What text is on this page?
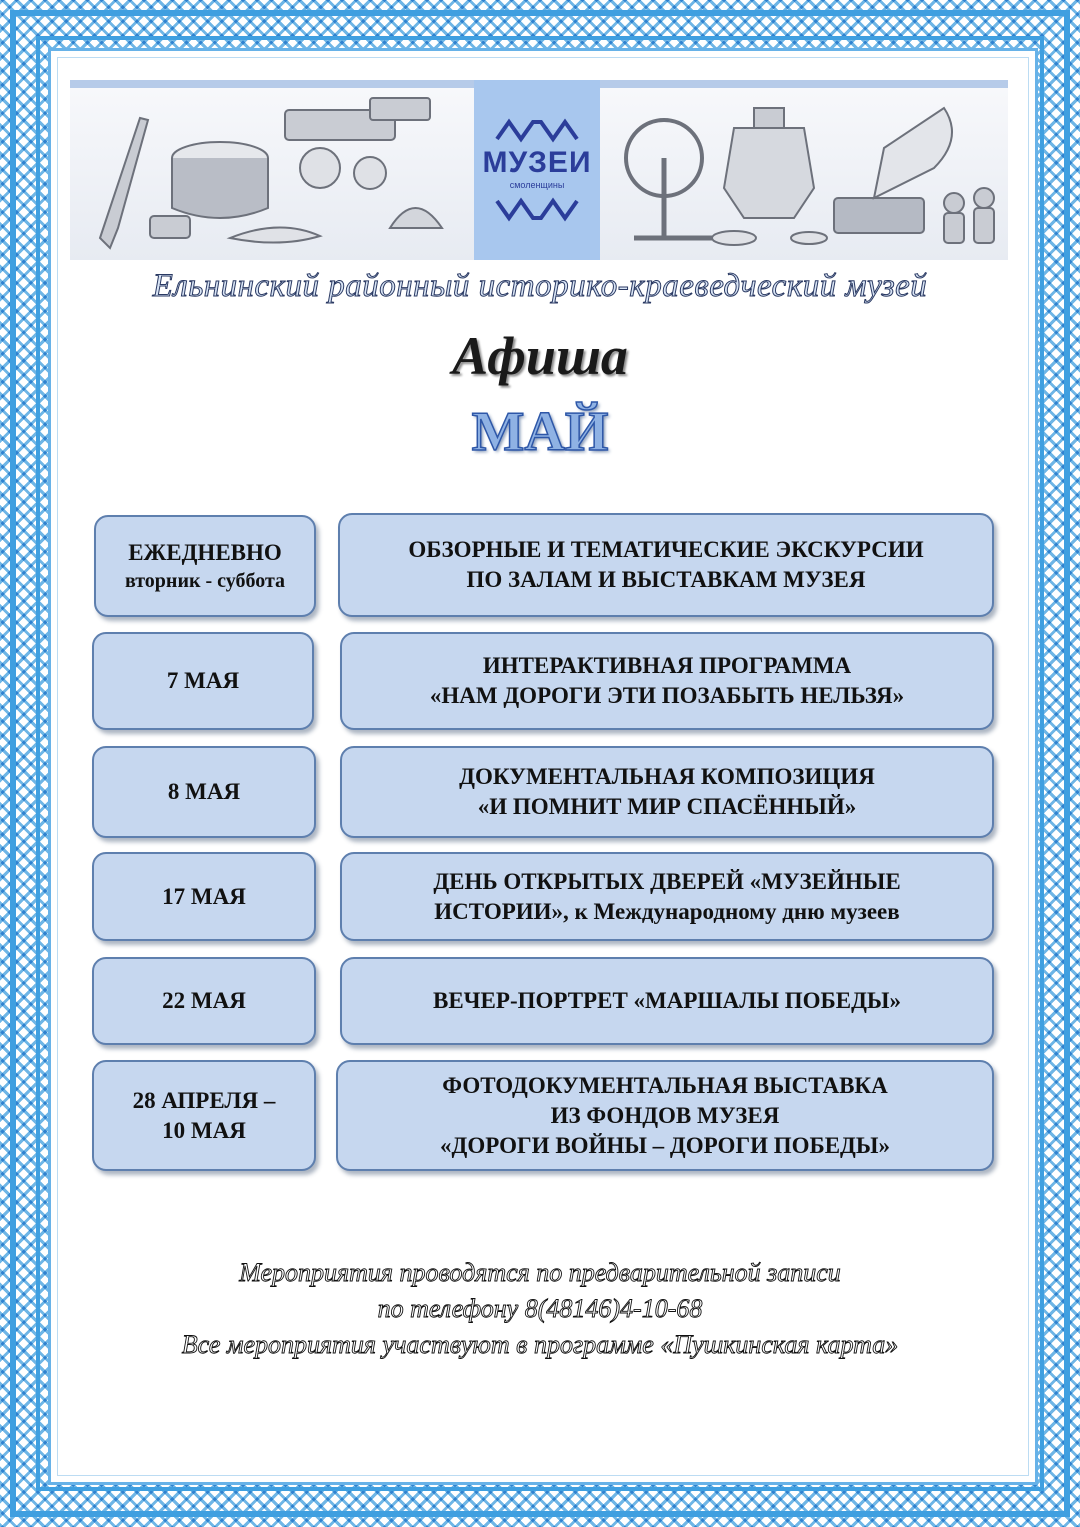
МУЗЕИ
смоленщины
Ельнинский районный историко-краеведческий музей
Афиша
МАЙ
ЕЖЕДНЕВНО
вторник - суббота
ОБЗОРНЫЕ И ТЕМАТИЧЕСКИЕ ЭКСКУРСИИ
ПО ЗАЛАМ И ВЫСТАВКАМ МУЗЕЯ
7 МАЯ
ИНТЕРАКТИВНАЯ ПРОГРАММА
«НАМ ДОРОГИ ЭТИ ПОЗАБЫТЬ НЕЛЬЗЯ»
8 МАЯ
ДОКУМЕНТАЛЬНАЯ КОМПОЗИЦИЯ
«И ПОМНИТ МИР СПАСЁННЫЙ»
17 МАЯ
ДЕНЬ ОТКРЫТЫХ ДВЕРЕЙ «МУЗЕЙНЫЕ
ИСТОРИИ», к Международному дню музеев
22 МАЯ	ВЕЧЕР-ПОРТРЕТ «МАРШАЛЫ ПОБЕДЫ»
28 АПРЕЛЯ –
10 МАЯ
ФОТОДОКУМЕНТАЛЬНАЯ ВЫСТАВКА
ИЗ ФОНДОВ МУЗЕЯ
«ДОРОГИ ВОЙНЫ – ДОРОГИ ПОБЕДЫ»
Мероприятия проводятся по предварительной записи
по телефону 8(48146)4-10-68
Все мероприятия участвуют в программе «Пушкинская карта»
